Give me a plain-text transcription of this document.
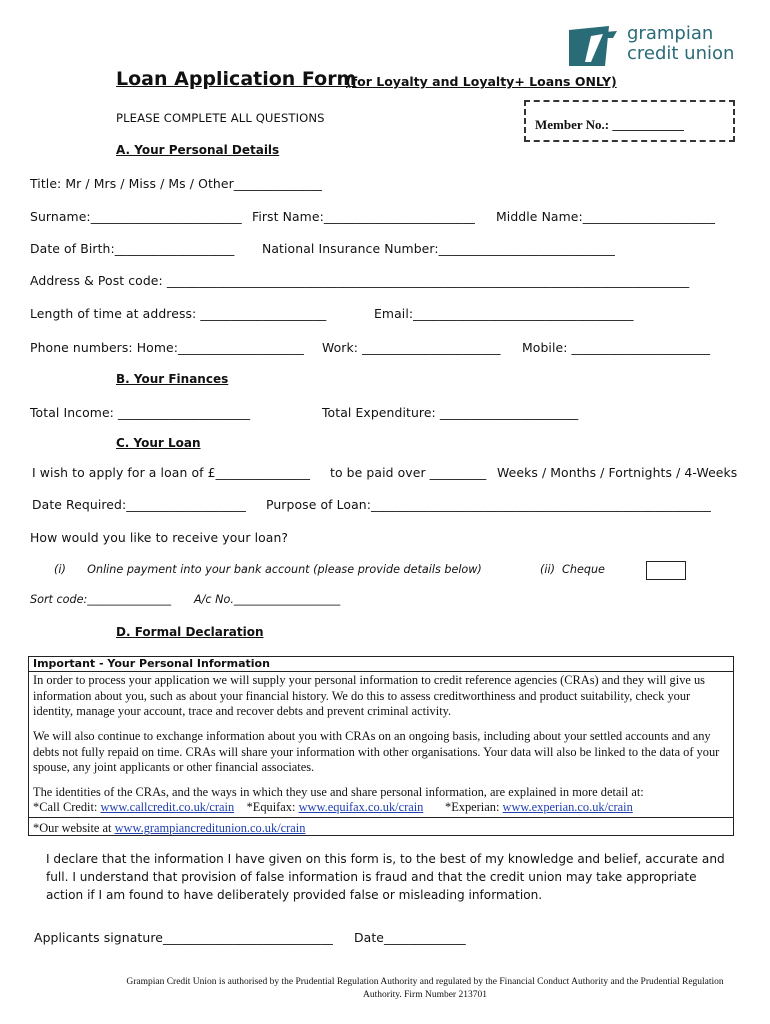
grampian
credit union
Loan Application Form
(for Loyalty and Loyalty+ Loans ONLY)
PLEASE COMPLETE ALL QUESTIONS	Member No.: ___________
A. Your Personal Details
Title: Mr / Mrs / Miss / Ms / Other______________
Surname:________________________ First Name:________________________ Middle Name:_____________________
Date of Birth:___________________ National Insurance Number:____________________________
Address & Post code: ___________________________________________________________________________________
Length of time at address: ____________________	Email:___________________________________
Phone numbers: Home:____________________ Work: ______________________ Mobile: ______________________
B. Your Finances
Total Income: _____________________	Total Expenditure: ______________________
C. Your Loan
I wish to apply for a loan of £_______________ to be paid over _________ Weeks / Months / Fortnights / 4-Weeks
Date Required:___________________ Purpose of Loan:______________________________________________________
How would you like to receive your loan?
(i)      Online payment into your bank account (please provide details below)	(ii)  Cheque
Sort code:_______________ A/c No.___________________
D. Formal Declaration
Important - Your Personal Information
In order to process your application we will supply your personal information to credit reference agencies (CRAs) and they will give us information about you, such as about your financial history. We do this to assess creditworthiness and product suitability, check your identity, manage your account, trace and recover debts and prevent criminal activity.
We will also continue to exchange information about you with CRAs on an ongoing basis, including about your settled accounts and any debts not fully repaid on time. CRAs will share your information with other organisations. Your data will also be linked to the data of your spouse, any joint applicants or other financial associates.
The identities of the CRAs, and the ways in which they use and share personal information, are explained in more detail at:
*Call Credit: www.callcredit.co.uk/crain *Equifax: www.equifax.co.uk/crain *Experian: www.experian.co.uk/crain
*Our website at www.grampiancreditunion.co.uk/crain
I declare that the information I have given on this form is, to the best of my knowledge and belief, accurate and full. I understand that provision of false information is fraud and that the credit union may take appropriate action if I am found to have deliberately provided false or misleading information.
Applicants signature___________________________ Date_____________
Grampian Credit Union is authorised by the Prudential Regulation Authority and regulated by the Financial Conduct Authority and the Prudential Regulation Authority. Firm Number 213701
